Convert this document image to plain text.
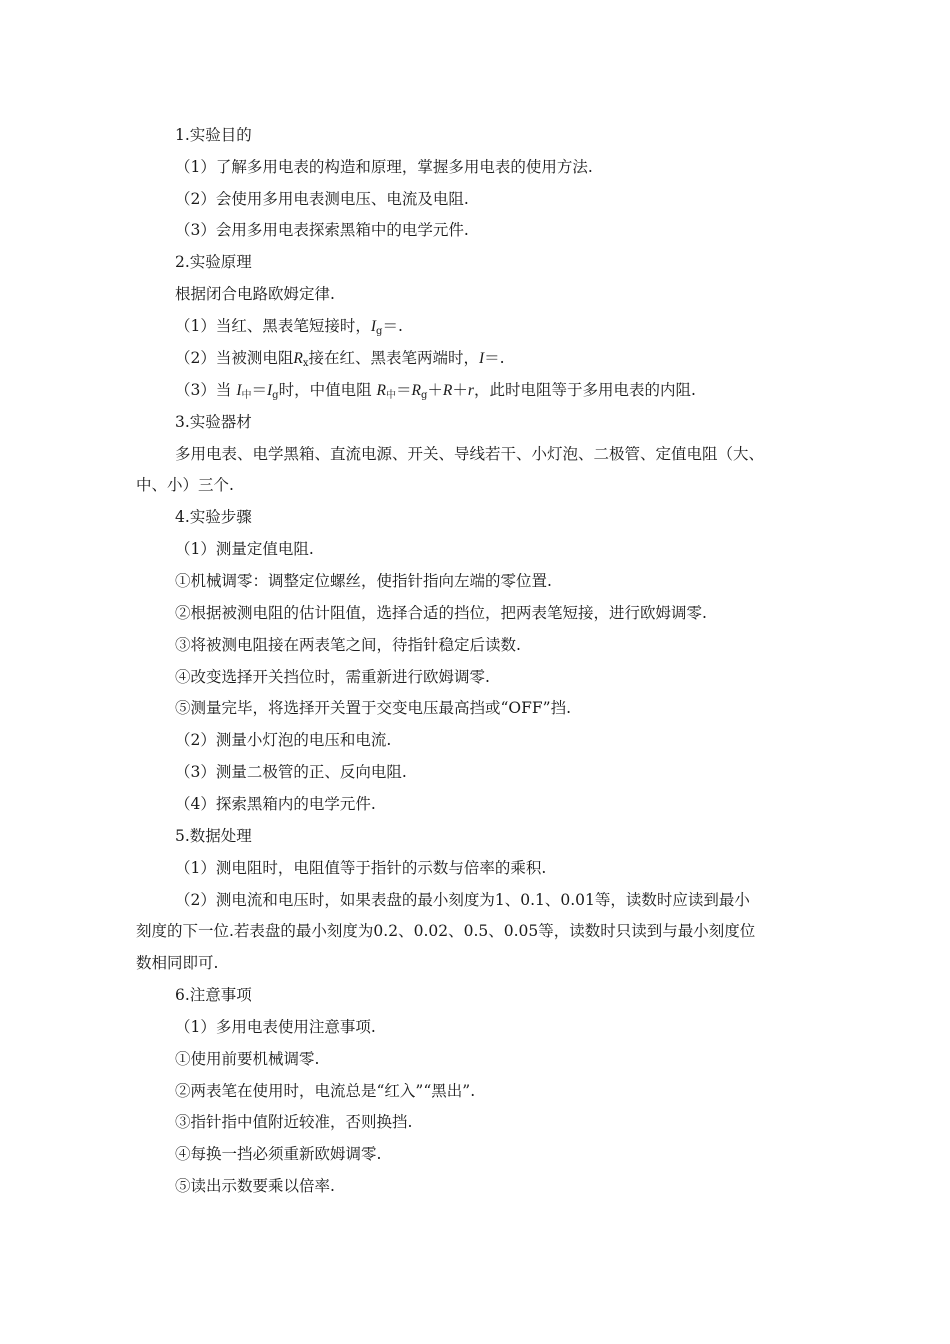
1.实验目的
（1）了解多用电表的构造和原理，掌握多用电表的使用方法.
（2）会使用多用电表测电压、电流及电阻.
（3）会用多用电表探索黑箱中的电学元件.
2.实验原理
根据闭合电路欧姆定律.
（1）当红、黑表笔短接时，$I_g=$.
（2）当被测电阻$R_x$接在红、黑表笔两端时，I＝.
（3）当 $I_中=I_g$时，中值电阻 $R_中=R_g+R+r$，此时电阻等于多用电表的内阻.
3.实验器材
多用电表、电学黑箱、直流电源、开关、导线若干、小灯泡、二极管、定值电阻（大、
中、小）三个.
4.实验步骤
（1）测量定值电阻.
①机械调零：调整定位螺丝，使指针指向左端的零位置.
②根据被测电阻的估计阻值，选择合适的挡位，把两表笔短接，进行欧姆调零.
③将被测电阻接在两表笔之间，待指针稳定后读数.
④改变选择开关挡位时，需重新进行欧姆调零.
⑤测量完毕，将选择开关置于交变电压最高挡或“OFF”挡.
（2）测量小灯泡的电压和电流.
（3）测量二极管的正、反向电阻.
（4）探索黑箱内的电学元件.
5.数据处理
（1）测电阻时，电阻值等于指针的示数与倍率的乘积.
（2）测电流和电压时，如果表盘的最小刻度为1、0.1、0.01等，读数时应读到最小
刻度的下一位.若表盘的最小刻度为0.2、0.02、0.5、0.05等，读数时只读到与最小刻度位
数相同即可.
6.注意事项
（1）多用电表使用注意事项.
①使用前要机械调零.
②两表笔在使用时，电流总是“红入”“黑出”.
③指针指中值附近较准，否则换挡.
④每换一挡必须重新欧姆调零.
⑤读出示数要乘以倍率.
